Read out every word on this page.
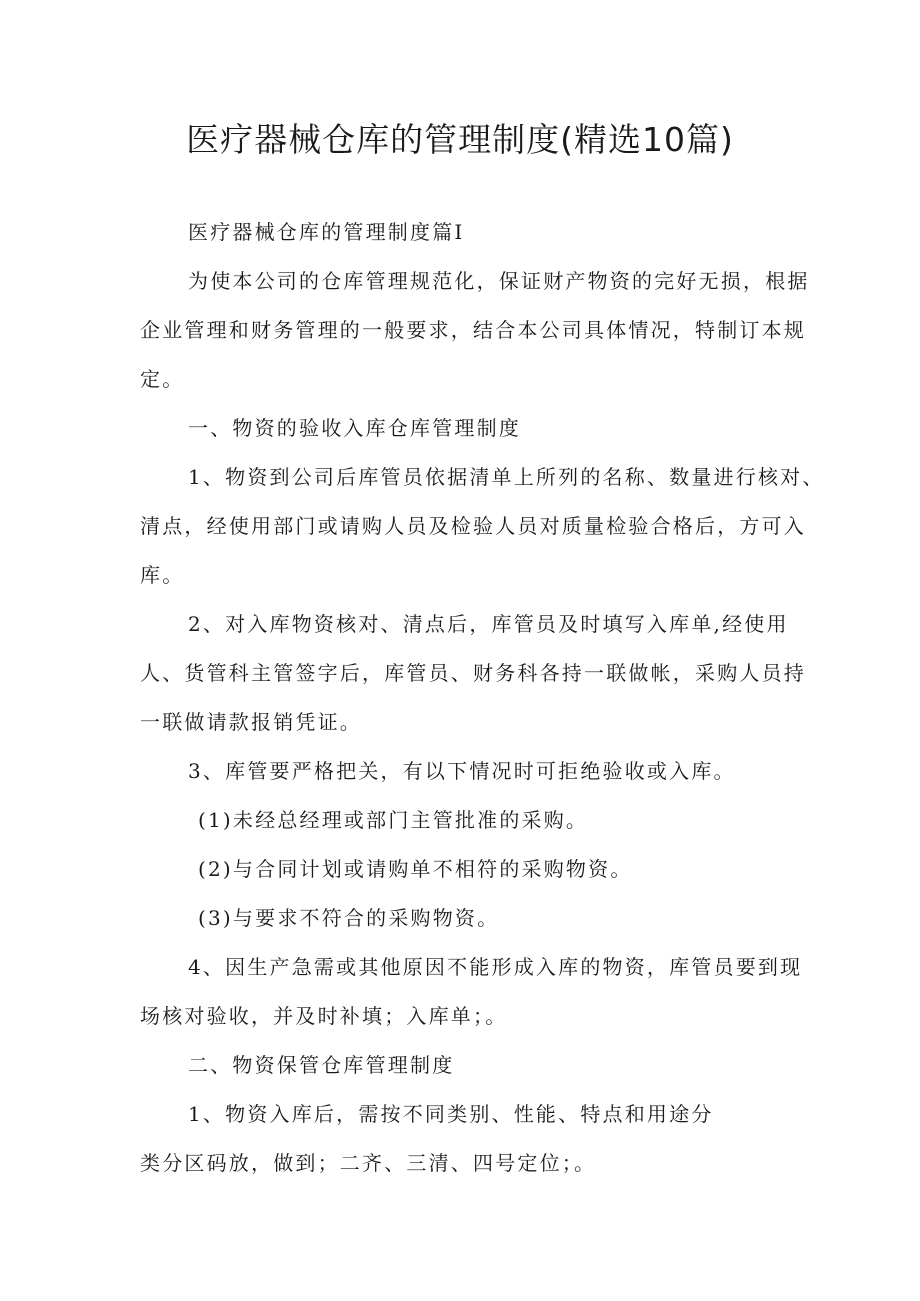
医疗器械仓库的管理制度(精选10篇)
医疗器械仓库的管理制度篇I
为使本公司的仓库管理规范化，保证财产物资的完好无损，根据
企业管理和财务管理的一般要求，结合本公司具体情况，特制订本规
定。
一、物资的验收入库仓库管理制度
1、物资到公司后库管员依据清单上所列的名称、数量进行核对、
清点，经使用部门或请购人员及检验人员对质量检验合格后，方可入
库。
2、对入库物资核对、清点后，库管员及时填写入库单,经使用
人、货管科主管签字后，库管员、财务科各持一联做帐，采购人员持
一联做请款报销凭证。
3、库管要严格把关，有以下情况时可拒绝验收或入库。
(1)未经总经理或部门主管批准的采购。
(2)与合同计划或请购单不相符的采购物资。
(3)与要求不符合的采购物资。
4、因生产急需或其他原因不能形成入库的物资，库管员要到现
场核对验收，并及时补填；入库单；。
二、物资保管仓库管理制度
1、物资入库后，需按不同类别、性能、特点和用途分
类分区码放，做到；二齐、三清、四号定位；。
